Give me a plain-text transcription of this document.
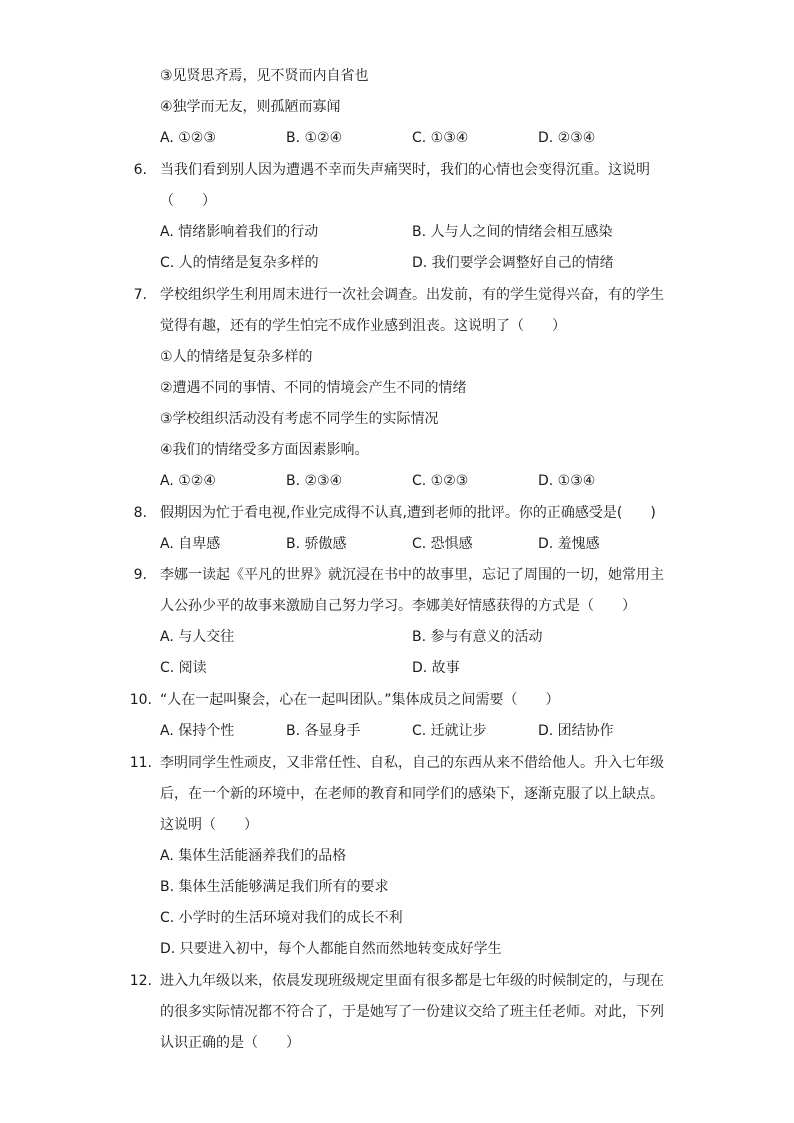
③见贤思齐焉，见不贤而内自省也
④独学而无友，则孤陋而寡闻
A. ①②③	B. ①②④	C. ①③④	D. ②③④
6. 当我们看到别人因为遭遇不幸而失声痛哭时，我们的心情也会变得沉重。这说明
（　　）
A. 情绪影响着我们的行动	B. 人与人之间的情绪会相互感染
C. 人的情绪是复杂多样的	D. 我们要学会调整好自己的情绪
7. 学校组织学生利用周末进行一次社会调查。出发前，有的学生觉得兴奋，有的学生
觉得有趣，还有的学生怕完不成作业感到沮丧。这说明了（　　）
①人的情绪是复杂多样的
②遭遇不同的事情、不同的情境会产生不同的情绪
③学校组织活动没有考虑不同学生的实际情况
④我们的情绪受多方面因素影响。
A. ①②④	B. ②③④	C. ①②③	D. ①③④
8. 假期因为忙于看电视,作业完成得不认真,遭到老师的批评。你的正确感受是(　　)
A. 自卑感	B. 骄傲感	C. 恐惧感	D. 羞愧感
9. 李娜一读起《平凡的世界》就沉浸在书中的故事里，忘记了周围的一切，她常用主
人公孙少平的故事来激励自己努力学习。李娜美好情感获得的方式是（　　）
A. 与人交往	B. 参与有意义的活动
C. 阅读	D. 故事
10. “人在一起叫聚会，心在一起叫团队。”集体成员之间需要（　　）
A. 保持个性	B. 各显身手	C. 迁就让步	D. 团结协作
11. 李明同学生性顽皮，又非常任性、自私，自己的东西从来不借给他人。升入七年级
后，在一个新的环境中，在老师的教育和同学们的感染下，逐渐克服了以上缺点。
这说明（　　）
A. 集体生活能涵养我们的品格
B. 集体生活能够满足我们所有的要求
C. 小学时的生活环境对我们的成长不利
D. 只要进入初中，每个人都能自然而然地转变成好学生
12. 进入九年级以来，依晨发现班级规定里面有很多都是七年级的时候制定的，与现在
的很多实际情况都不符合了，于是她写了一份建议交给了班主任老师。对此，下列
认识正确的是（　　）
